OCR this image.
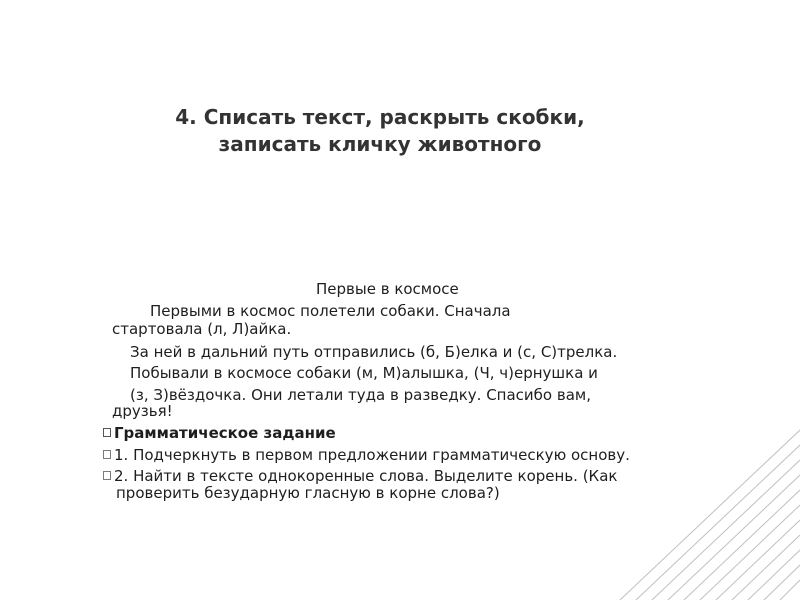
4. Списать текст, раскрыть скобки,
записать кличку животного
Первые в космосе
Первыми в космос полетели собаки. Сначала
стартовала (л, Л)айка.
За ней в дальний путь отправились (б, Б)елка и (с, С)трелка.
Побывали в космосе собаки (м, М)алышка, (Ч, ч)ернушка и
(з, З)вёздочка. Они летали туда в разведку. Спасибо вам,
друзья!
Грамматическое задание
1. Подчеркнуть в первом предложении грамматическую основу.
2. Найти в тексте однокоренные слова. Выделите корень. (Как
проверить безударную гласную в корне слова?)
